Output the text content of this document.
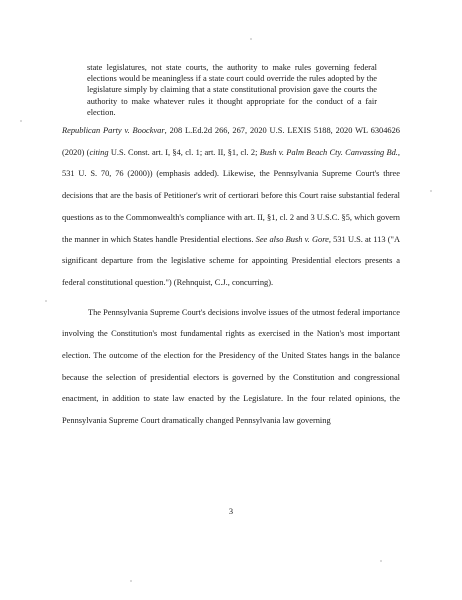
state legislatures, not state courts, the authority to make rules governing federal elections would be meaningless if a state court could override the rules adopted by the legislature simply by claiming that a state constitutional provision gave the courts the authority to make whatever rules it thought appropriate for the conduct of a fair election.

Republican Party v. Boockvar, 208 L.Ed.2d 266, 267, 2020 U.S. LEXIS 5188, 2020 WL 6304626 (2020) (citing U.S. Const. art. I, §4, cl. 1; art. II, §1, cl. 2; Bush v. Palm Beach Cty. Canvassing Bd., 531 U. S. 70, 76 (2000)) (emphasis added). Likewise, the Pennsylvania Supreme Court's three decisions that are the basis of Petitioner's writ of certiorari before this Court raise substantial federal questions as to the Commonwealth's compliance with art. II, §1, cl. 2 and 3 U.S.C. §5, which govern the manner in which States handle Presidential elections. See also Bush v. Gore, 531 U.S. at 113 ("A significant departure from the legislative scheme for appointing Presidential electors presents a federal constitutional question.") (Rehnquist, C.J., concurring).

The Pennsylvania Supreme Court's decisions involve issues of the utmost federal importance involving the Constitution's most fundamental rights as exercised in the Nation's most important election. The outcome of the election for the Presidency of the United States hangs in the balance because the selection of presidential electors is governed by the Constitution and congressional enactment, in addition to state law enacted by the Legislature. In the four related opinions, the Pennsylvania Supreme Court dramatically changed Pennsylvania law governing

3
